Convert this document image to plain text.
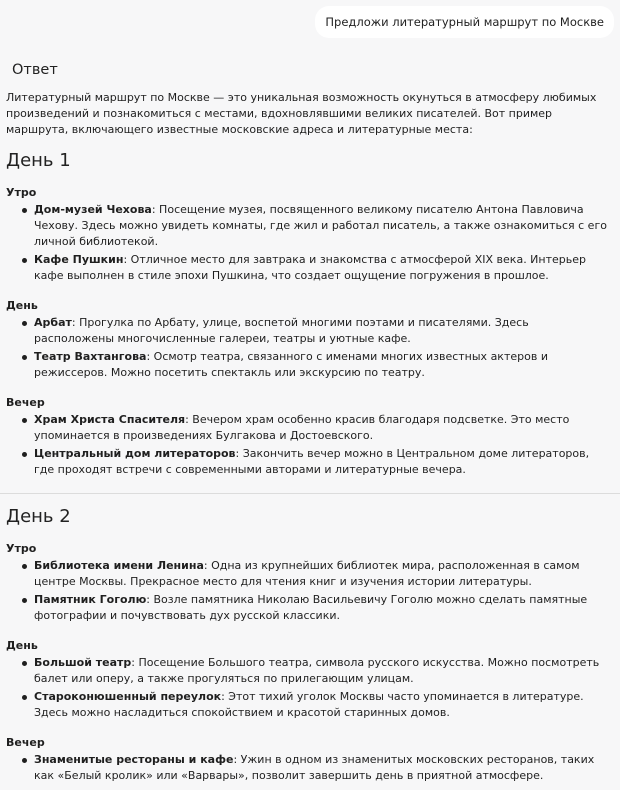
Предложи литературный маршрут по Москве
Ответ

Литературный маршрут по Москве — это уникальная возможность окунуться в атмосферу любимых произведений и познакомиться с местами, вдохновлявшими великих писателей. Вот пример маршрута, включающего известные московские адреса и литературные места:

День 1
Утро
Дом-музей Чехова: Посещение музея, посвященного великому писателю Антона Павловича Чехову. Здесь можно увидеть комнаты, где жил и работал писатель, а также ознакомиться с его личной библиотекой.
Кафе Пушкин: Отличное место для завтрака и знакомства с атмосферой XIX века. Интерьер кафе выполнен в стиле эпохи Пушкина, что создает ощущение погружения в прошлое.
День
Арбат: Прогулка по Арбату, улице, воспетой многими поэтами и писателями. Здесь расположены многочисленные галереи, театры и уютные кафе.
Театр Вахтангова: Осмотр театра, связанного с именами многих известных актеров и режиссеров. Можно посетить спектакль или экскурсию по театру.
Вечер
Храм Христа Спасителя: Вечером храм особенно красив благодаря подсветке. Это место упоминается в произведениях Булгакова и Достоевского.
Центральный дом литераторов: Закончить вечер можно в Центральном доме литераторов, где проходят встречи с современными авторами и литературные вечера.
День 2
Утро
Библиотека имени Ленина: Одна из крупнейших библиотек мира, расположенная в самом центре Москвы. Прекрасное место для чтения книг и изучения истории литературы.
Памятник Гоголю: Возле памятника Николаю Васильевичу Гоголю можно сделать памятные фотографии и почувствовать дух русской классики.
День
Большой театр: Посещение Большого театра, символа русского искусства. Можно посмотреть балет или оперу, а также прогуляться по прилегающим улицам.
Староконюшенный переулок: Этот тихий уголок Москвы часто упоминается в литературе. Здесь можно насладиться спокойствием и красотой старинных домов.
Вечер
Знаменитые рестораны и кафе: Ужин в одном из знаменитых московских ресторанов, таких как «Белый кролик» или «Варвары», позволит завершить день в приятной атмосфере.
